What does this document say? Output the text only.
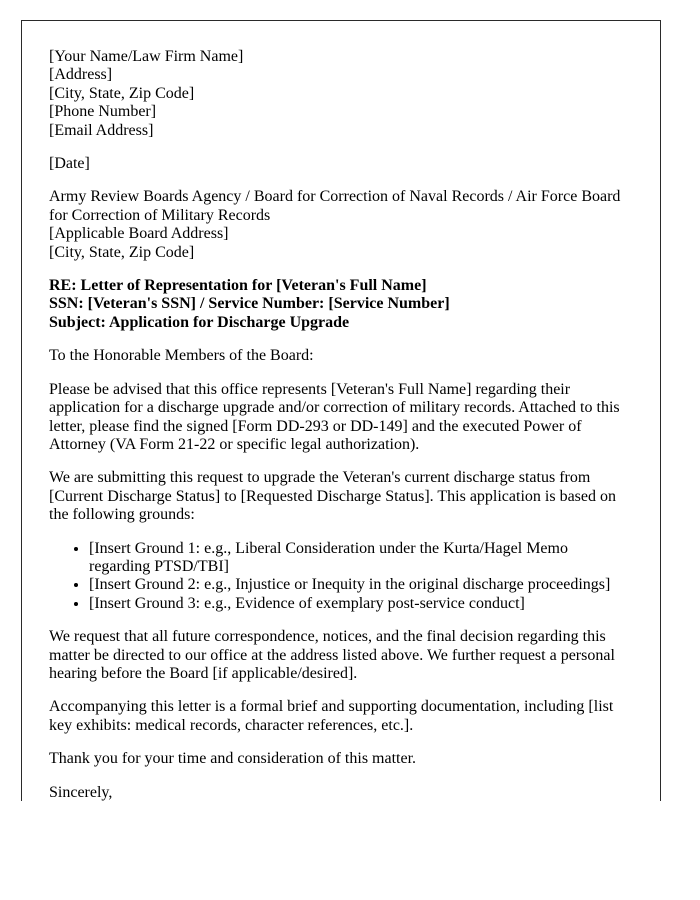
[Your Name/Law Firm Name]
[Address]
[City, State, Zip Code]
[Phone Number]
[Email Address]

[Date]

Army Review Boards Agency / Board for Correction of Naval Records / Air Force Board for Correction of Military Records
[Applicable Board Address]
[City, State, Zip Code]

RE: Letter of Representation for [Veteran's Full Name]
SSN: [Veteran's SSN] / Service Number: [Service Number]
Subject: Application for Discharge Upgrade

To the Honorable Members of the Board:

Please be advised that this office represents [Veteran's Full Name] regarding their application for a discharge upgrade and/or correction of military records. Attached to this letter, please find the signed [Form DD-293 or DD-149] and the executed Power of Attorney (VA Form 21-22 or specific legal authorization).

We are submitting this request to upgrade the Veteran's current discharge status from [Current Discharge Status] to [Requested Discharge Status]. This application is based on the following grounds:

• [Insert Ground 1: e.g., Liberal Consideration under the Kurta/Hagel Memo regarding PTSD/TBI]
• [Insert Ground 2: e.g., Injustice or Inequity in the original discharge proceedings]
• [Insert Ground 3: e.g., Evidence of exemplary post-service conduct]

We request that all future correspondence, notices, and the final decision regarding this matter be directed to our office at the address listed above. We further request a personal hearing before the Board [if applicable/desired].

Accompanying this letter is a formal brief and supporting documentation, including [list key exhibits: medical records, character references, etc.].

Thank you for your time and consideration of this matter.

Sincerely,
